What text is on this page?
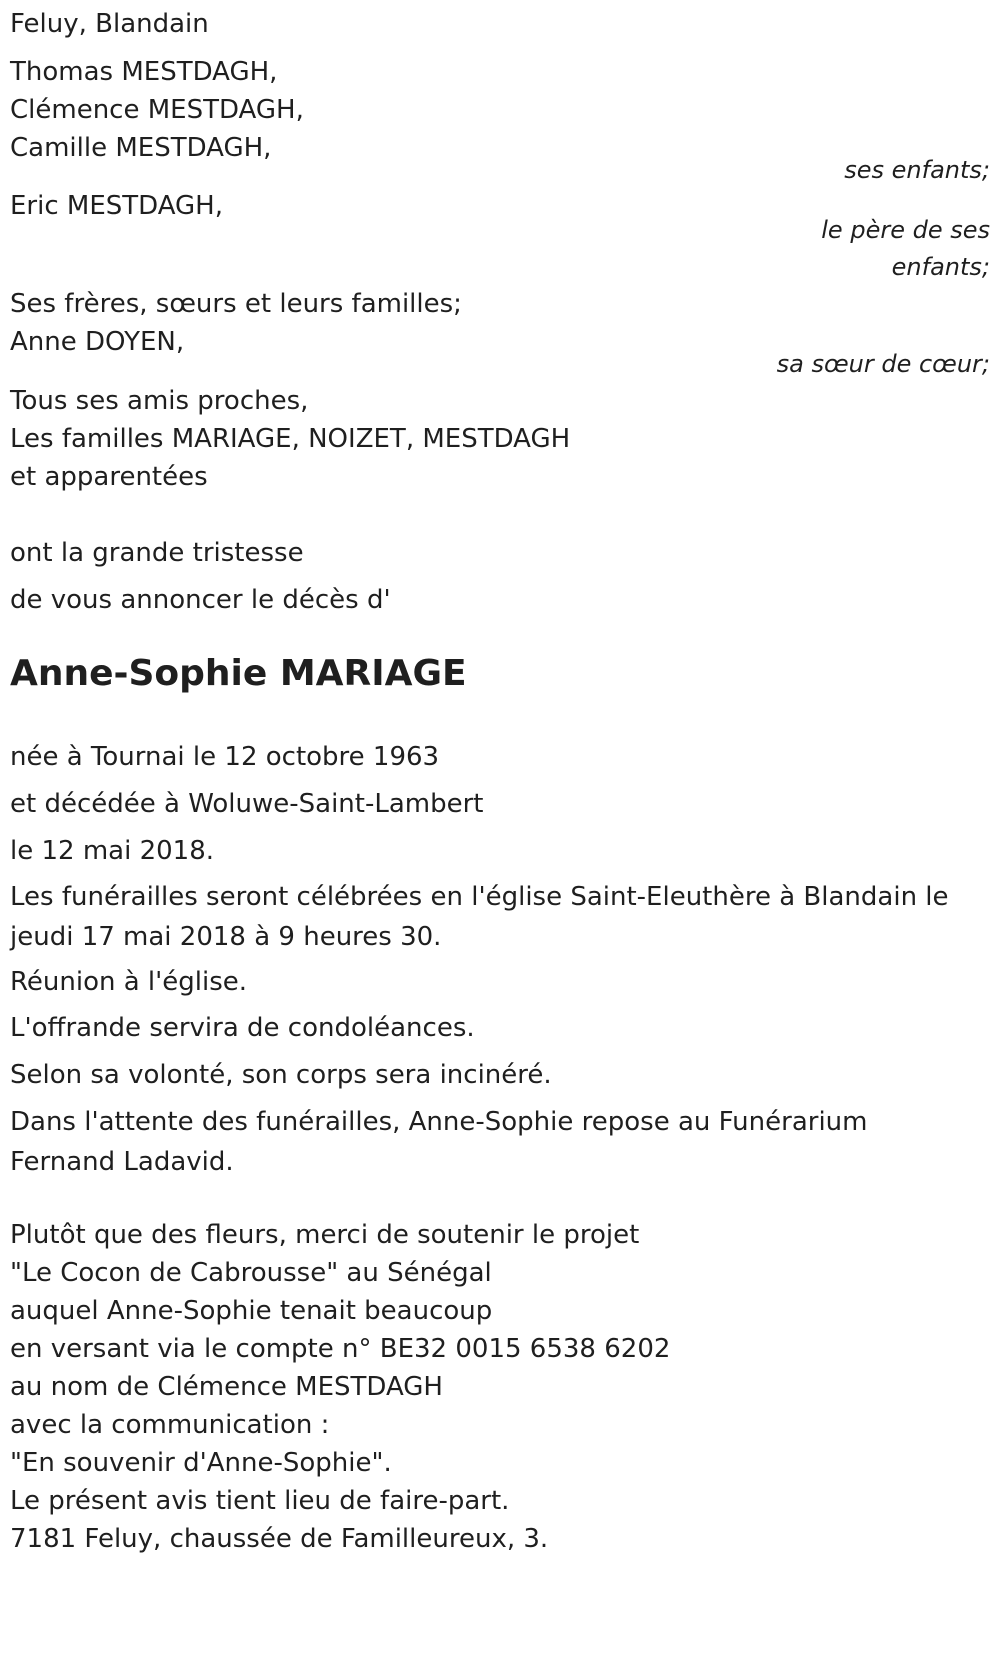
Feluy, Blandain
Thomas MESTDAGH,
Clémence MESTDAGH,
Camille MESTDAGH,
ses enfants;
Eric MESTDAGH,
le père de ses
enfants;
Ses frères, sœurs et leurs familles;
Anne DOYEN,
sa sœur de cœur;
Tous ses amis proches,
Les familles MARIAGE, NOIZET, MESTDAGH
et apparentées
ont la grande tristesse
de vous annoncer le décès d'
Anne-Sophie MARIAGE
née à Tournai le 12 octobre 1963
et décédée à Woluwe-Saint-Lambert
le 12 mai 2018.
Les funérailles seront célébrées en l'église Saint-Eleuthère à Blandain le jeudi 17 mai 2018 à 9 heures 30.
Réunion à l'église.
L'offrande servira de condoléances.
Selon sa volonté, son corps sera incinéré.
Dans l'attente des funérailles, Anne-Sophie repose au Funérarium Fernand Ladavid.
Plutôt que des fleurs, merci de soutenir le projet
"Le Cocon de Cabrousse" au Sénégal
auquel Anne-Sophie tenait beaucoup
en versant via le compte n° BE32 0015 6538 6202
au nom de Clémence MESTDAGH
avec la communication :
"En souvenir d'Anne-Sophie".
Le présent avis tient lieu de faire-part.
7181 Feluy, chaussée de Familleureux, 3.
